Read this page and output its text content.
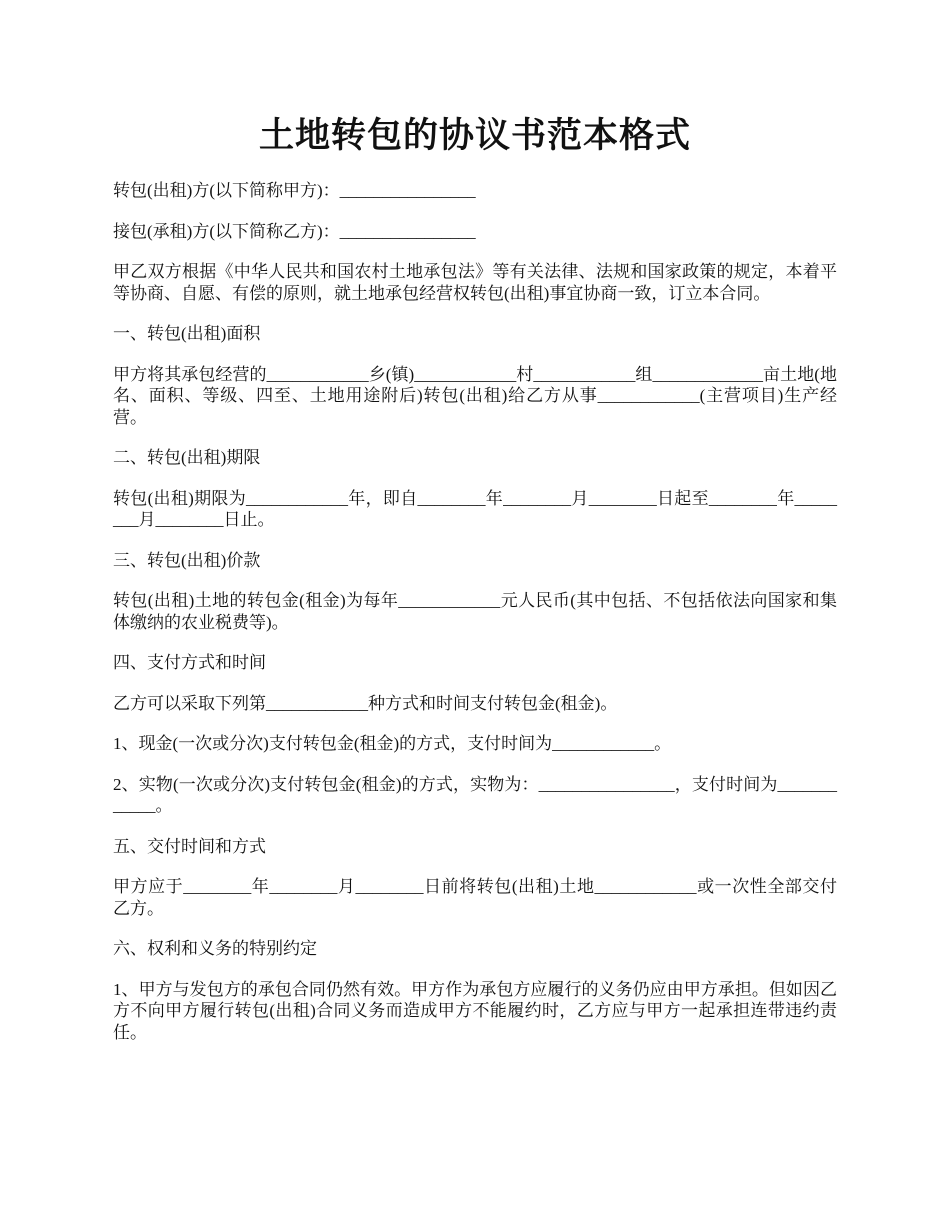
土地转包的协议书范本格式

转包(出租)方(以下简称甲方)：________________

接包(承租)方(以下简称乙方)：________________

甲乙双方根据《中华人民共和国农村土地承包法》等有关法律、法规和国家政策的规定，本着平等协商、自愿、有偿的原则，就土地承包经营权转包(出租)事宜协商一致，订立本合同。

一、转包(出租)面积

甲方将其承包经营的____________乡(镇)____________村____________组_____________亩土地(地名、面积、等级、四至、土地用途附后)转包(出租)给乙方从事____________(主营项目)生产经营。

二、转包(出租)期限

转包(出租)期限为____________年，即自________年________月________日起至________年________月________日止。

三、转包(出租)价款

转包(出租)土地的转包金(租金)为每年____________元人民币(其中包括、不包括依法向国家和集体缴纳的农业税费等)。

四、支付方式和时间

乙方可以采取下列第____________种方式和时间支付转包金(租金)。

1、现金(一次或分次)支付转包金(租金)的方式，支付时间为____________。

2、实物(一次或分次)支付转包金(租金)的方式，实物为：________________，支付时间为____________。

五、交付时间和方式

甲方应于________年________月________日前将转包(出租)土地____________或一次性全部交付乙方。

六、权利和义务的特别约定

1、甲方与发包方的承包合同仍然有效。甲方作为承包方应履行的义务仍应由甲方承担。但如因乙方不向甲方履行转包(出租)合同义务而造成甲方不能履约时，乙方应与甲方一起承担连带违约责任。
